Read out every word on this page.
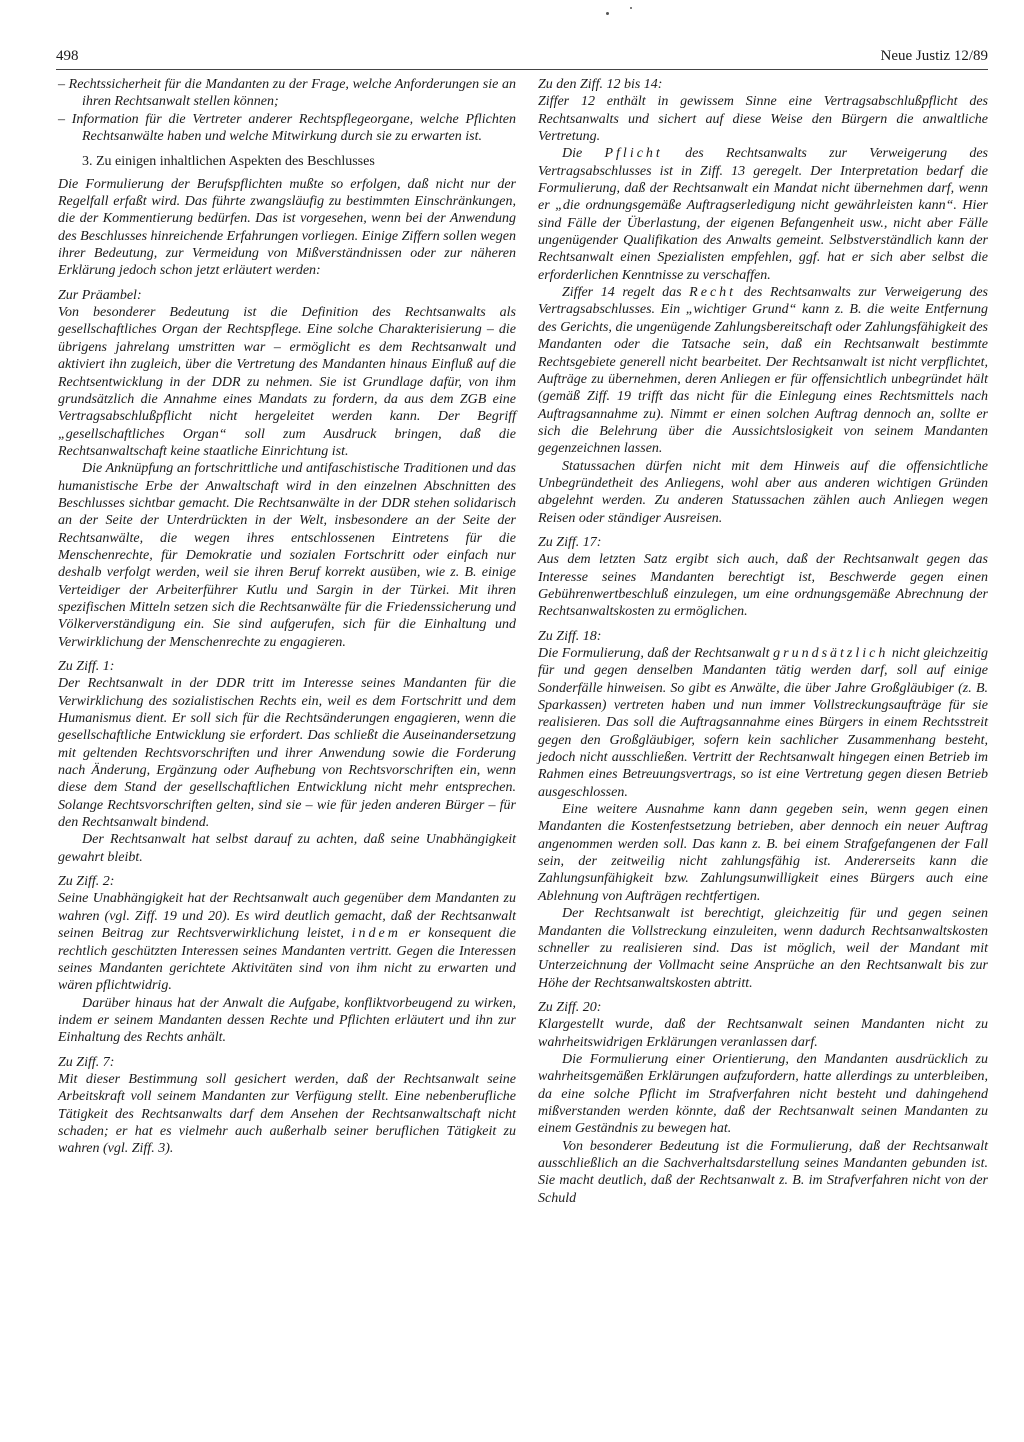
498	Neue Justiz 12/89

– Rechtssicherheit für die Mandanten zu der Frage, welche Anforderungen sie an ihren Rechtsanwalt stellen können;

– Information für die Vertreter anderer Rechtspflegeorgane, welche Pflichten Rechtsanwälte haben und welche Mitwirkung durch sie zu erwarten ist.

3. Zu einigen inhaltlichen Aspekten des Beschlusses

Die Formulierung der Berufspflichten mußte so erfolgen, daß nicht nur der Regelfall erfaßt wird. Das führte zwangsläufig zu bestimmten Einschränkungen, die der Kommentierung bedürfen. Das ist vorgesehen, wenn bei der Anwendung des Beschlusses hinreichende Erfahrungen vorliegen. Einige Ziffern sollen wegen ihrer Bedeutung, zur Vermeidung von Mißverständnissen oder zur näheren Erklärung jedoch schon jetzt erläutert werden:

Zur Präambel:

Von besonderer Bedeutung ist die Definition des Rechtsanwalts als gesellschaftliches Organ der Rechtspflege. Eine solche Charakterisierung – die übrigens jahrelang umstritten war – ermöglicht es dem Rechtsanwalt und aktiviert ihn zugleich, über die Vertretung des Mandanten hinaus Einfluß auf die Rechtsentwicklung in der DDR zu nehmen. Sie ist Grundlage dafür, von ihm grundsätzlich die Annahme eines Mandats zu fordern, da aus dem ZGB eine Vertragsabschlußpflicht nicht hergeleitet werden kann. Der Begriff „gesellschaftliches Organ“ soll zum Ausdruck bringen, daß die Rechtsanwaltschaft keine staatliche Einrichtung ist.

Die Anknüpfung an fortschrittliche und antifaschistische Traditionen und das humanistische Erbe der Anwaltschaft wird in den einzelnen Abschnitten des Beschlusses sichtbar gemacht. Die Rechtsanwälte in der DDR stehen solidarisch an der Seite der Unterdrückten in der Welt, insbesondere an der Seite der Rechtsanwälte, die wegen ihres entschlossenen Eintretens für die Menschenrechte, für Demokratie und sozialen Fortschritt oder einfach nur deshalb verfolgt werden, weil sie ihren Beruf korrekt ausüben, wie z. B. einige Verteidiger der Arbeiterführer Kutlu und Sargin in der Türkei. Mit ihren spezifischen Mitteln setzen sich die Rechtsanwälte für die Friedenssicherung und Völkerverständigung ein. Sie sind aufgerufen, sich für die Einhaltung und Verwirklichung der Menschenrechte zu engagieren.

Zu Ziff. 1:

Der Rechtsanwalt in der DDR tritt im Interesse seines Mandanten für die Verwirklichung des sozialistischen Rechts ein, weil es dem Fortschritt und dem Humanismus dient. Er soll sich für die Rechtsänderungen engagieren, wenn die gesellschaftliche Entwicklung sie erfordert. Das schließt die Auseinandersetzung mit geltenden Rechtsvorschriften und ihrer Anwendung sowie die Forderung nach Änderung, Ergänzung oder Aufhebung von Rechtsvorschriften ein, wenn diese dem Stand der gesellschaftlichen Entwicklung nicht mehr entsprechen. Solange Rechtsvorschriften gelten, sind sie – wie für jeden anderen Bürger – für den Rechtsanwalt bindend.

Der Rechtsanwalt hat selbst darauf zu achten, daß seine Unabhängigkeit gewahrt bleibt.

Zu Ziff. 2:

Seine Unabhängigkeit hat der Rechtsanwalt auch gegenüber dem Mandanten zu wahren (vgl. Ziff. 19 und 20). Es wird deutlich gemacht, daß der Rechtsanwalt seinen Beitrag zur Rechtsverwirklichung leistet, indem er konsequent die rechtlich geschützten Interessen seines Mandanten vertritt. Gegen die Interessen seines Mandanten gerichtete Aktivitäten sind von ihm nicht zu erwarten und wären pflichtwidrig.

Darüber hinaus hat der Anwalt die Aufgabe, konfliktvorbeugend zu wirken, indem er seinem Mandanten dessen Rechte und Pflichten erläutert und ihn zur Einhaltung des Rechts anhält.

Zu Ziff. 7:

Mit dieser Bestimmung soll gesichert werden, daß der Rechtsanwalt seine Arbeitskraft voll seinem Mandanten zur Verfügung stellt. Eine nebenberufliche Tätigkeit des Rechtsanwalts darf dem Ansehen der Rechtsanwaltschaft nicht schaden; er hat es vielmehr auch außerhalb seiner beruflichen Tätigkeit zu wahren (vgl. Ziff. 3).

Zu den Ziff. 12 bis 14:

Ziffer 12 enthält in gewissem Sinne eine Vertragsabschlußpflicht des Rechtsanwalts und sichert auf diese Weise den Bürgern die anwaltliche Vertretung.

Die Pflicht des Rechtsanwalts zur Verweigerung des Vertragsabschlusses ist in Ziff. 13 geregelt. Der Interpretation bedarf die Formulierung, daß der Rechtsanwalt ein Mandat nicht übernehmen darf, wenn er „die ordnungsgemäße Auftragserledigung nicht gewährleisten kann“. Hier sind Fälle der Überlastung, der eigenen Befangenheit usw., nicht aber Fälle ungenügender Qualifikation des Anwalts gemeint. Selbstverständlich kann der Rechtsanwalt einen Spezialisten empfehlen, ggf. hat er sich aber selbst die erforderlichen Kenntnisse zu verschaffen.

Ziffer 14 regelt das Recht des Rechtsanwalts zur Verweigerung des Vertragsabschlusses. Ein „wichtiger Grund“ kann z. B. die weite Entfernung des Gerichts, die ungenügende Zahlungsbereitschaft oder Zahlungsfähigkeit des Mandanten oder die Tatsache sein, daß ein Rechtsanwalt bestimmte Rechtsgebiete generell nicht bearbeitet. Der Rechtsanwalt ist nicht verpflichtet, Aufträge zu übernehmen, deren Anliegen er für offensichtlich unbegründet hält (gemäß Ziff. 19 trifft das nicht für die Einlegung eines Rechtsmittels nach Auftragsannahme zu). Nimmt er einen solchen Auftrag dennoch an, sollte er sich die Belehrung über die Aussichtslosigkeit von seinem Mandanten gegenzeichnen lassen.

Statussachen dürfen nicht mit dem Hinweis auf die offensichtliche Unbegründetheit des Anliegens, wohl aber aus anderen wichtigen Gründen abgelehnt werden. Zu anderen Statussachen zählen auch Anliegen wegen Reisen oder ständiger Ausreisen.

Zu Ziff. 17:

Aus dem letzten Satz ergibt sich auch, daß der Rechtsanwalt gegen das Interesse seines Mandanten berechtigt ist, Beschwerde gegen einen Gebührenwertbeschluß einzulegen, um eine ordnungsgemäße Abrechnung der Rechtsanwaltskosten zu ermöglichen.

Zu Ziff. 18:

Die Formulierung, daß der Rechtsanwalt grundsätzlich nicht gleichzeitig für und gegen denselben Mandanten tätig werden darf, soll auf einige Sonderfälle hinweisen. So gibt es Anwälte, die über Jahre Großgläubiger (z. B. Sparkassen) vertreten haben und nun immer Vollstreckungsaufträge für sie realisieren. Das soll die Auftragsannahme eines Bürgers in einem Rechtsstreit gegen den Großgläubiger, sofern kein sachlicher Zusammenhang besteht, jedoch nicht ausschließen. Vertritt der Rechtsanwalt hingegen einen Betrieb im Rahmen eines Betreuungsvertrags, so ist eine Vertretung gegen diesen Betrieb ausgeschlossen.

Eine weitere Ausnahme kann dann gegeben sein, wenn gegen einen Mandanten die Kostenfestsetzung betrieben, aber dennoch ein neuer Auftrag angenommen werden soll. Das kann z. B. bei einem Strafgefangenen der Fall sein, der zeitweilig nicht zahlungsfähig ist. Andererseits kann die Zahlungsunfähigkeit bzw. Zahlungsunwilligkeit eines Bürgers auch eine Ablehnung von Aufträgen rechtfertigen.

Der Rechtsanwalt ist berechtigt, gleichzeitig für und gegen seinen Mandanten die Vollstreckung einzuleiten, wenn dadurch Rechtsanwaltskosten schneller zu realisieren sind. Das ist möglich, weil der Mandant mit Unterzeichnung der Vollmacht seine Ansprüche an den Rechtsanwalt bis zur Höhe der Rechtsanwaltskosten abtritt.

Zu Ziff. 20:

Klargestellt wurde, daß der Rechtsanwalt seinen Mandanten nicht zu wahrheitswidrigen Erklärungen veranlassen darf.

Die Formulierung einer Orientierung, den Mandanten ausdrücklich zu wahrheitsgemäßen Erklärungen aufzufordern, hatte allerdings zu unterbleiben, da eine solche Pflicht im Strafverfahren nicht besteht und dahingehend mißverstanden werden könnte, daß der Rechtsanwalt seinen Mandanten zu einem Geständnis zu bewegen hat.

Von besonderer Bedeutung ist die Formulierung, daß der Rechtsanwalt ausschließlich an die Sachverhaltsdarstellung seines Mandanten gebunden ist. Sie macht deutlich, daß der Rechtsanwalt z. B. im Strafverfahren nicht von der Schuld
